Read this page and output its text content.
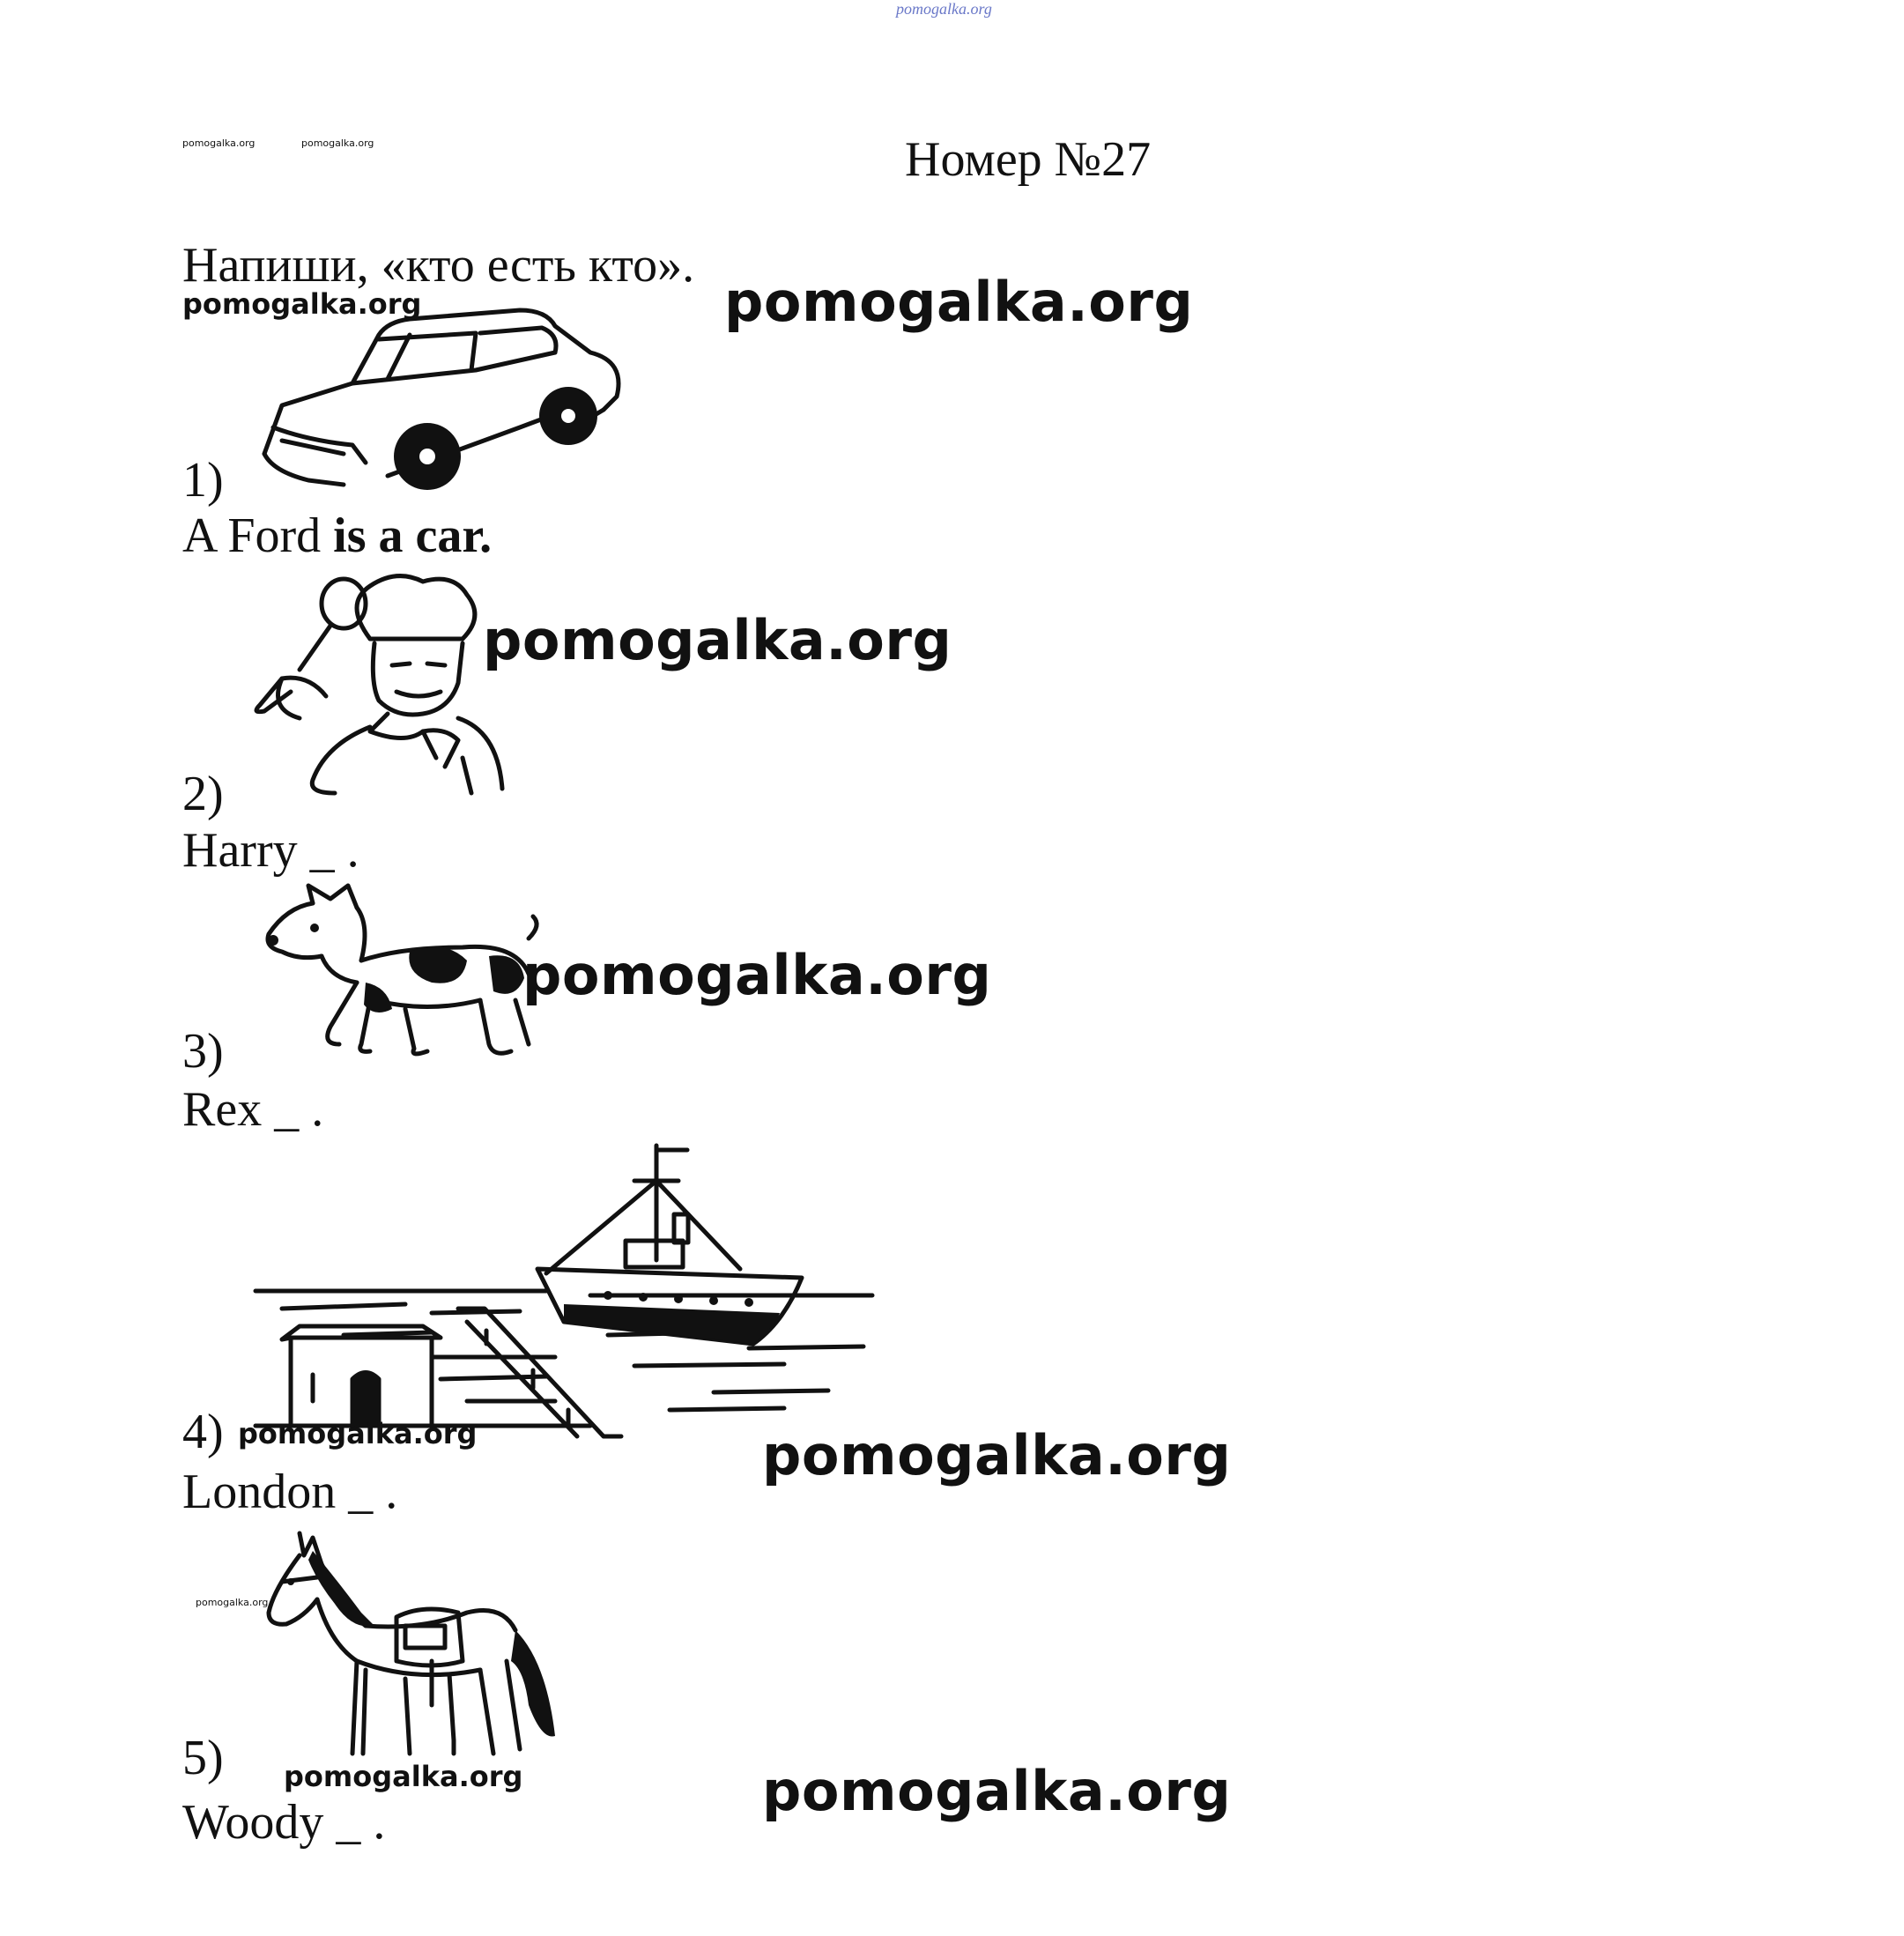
pomogalka.org
pomogalka.org	pomogalka.org	Номер №27
Напиши, «кто есть кто».
pomogalka.org	pomogalka.org
1)
A Ford is a car.
pomogalka.org
2)
Harry _ .
pomogalka.org
3)
Rex _ .
4) pomogalka.org	pomogalka.org
London _ .
pomogalka.org
5) pomogalka.org	pomogalka.org
Woody _ .
